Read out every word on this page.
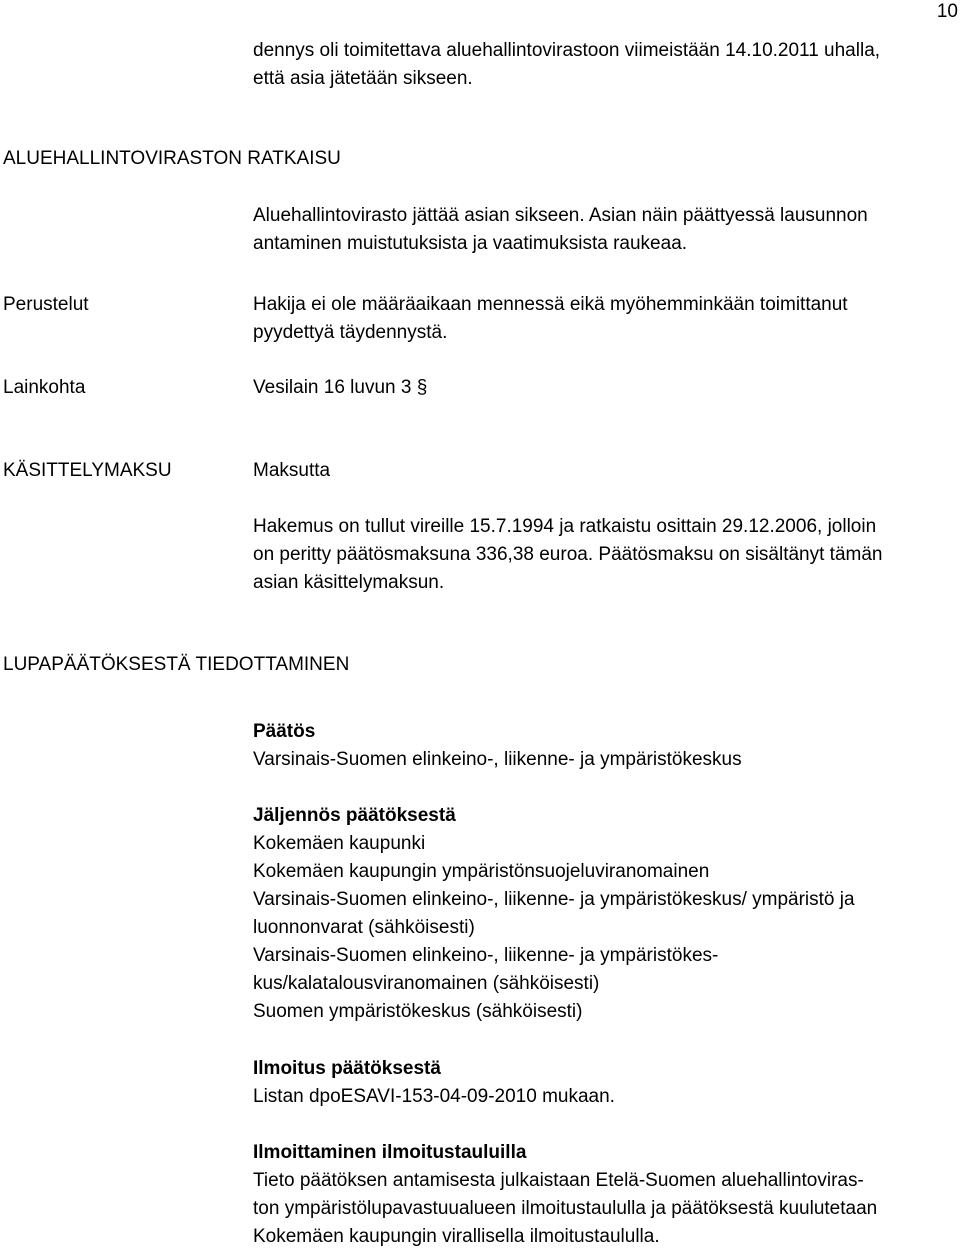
10
dennys oli toimitettava aluehallintovirastoon viimeistään 14.10.2011 uhalla,
että asia jätetään sikseen.
ALUEHALLINTOVIRASTON RATKAISU
Aluehallintovirasto jättää asian sikseen. Asian näin päättyessä lausunnon
antaminen muistutuksista ja vaatimuksista raukeaa.
Perustelut	Hakija ei ole määräaikaan mennessä eikä myöhemminkään toimittanut
pyydettyä täydennystä.
Lainkohta	Vesilain 16 luvun 3 §
KÄSITTELYMAKSU	Maksutta
Hakemus on tullut vireille 15.7.1994 ja ratkaistu osittain 29.12.2006, jolloin
on peritty päätösmaksuna 336,38 euroa. Päätösmaksu on sisältänyt tämän
asian käsittelymaksun.
LUPAPÄÄTÖKSESTÄ TIEDOTTAMINEN
Päätös
Varsinais-Suomen elinkeino-, liikenne- ja ympäristökeskus
Jäljennös päätöksestä
Kokemäen kaupunki
Kokemäen kaupungin ympäristönsuojeluviranomainen
Varsinais-Suomen elinkeino-, liikenne- ja ympäristökeskus/ ympäristö ja
luonnonvarat (sähköisesti)
Varsinais-Suomen elinkeino-, liikenne- ja ympäristökes-
kus/kalatalousviranomainen (sähköisesti)
Suomen ympäristökeskus (sähköisesti)
Ilmoitus päätöksestä
Listan dpoESAVI-153-04-09-2010 mukaan.
Ilmoittaminen ilmoitustauluilla
Tieto päätöksen antamisesta julkaistaan Etelä-Suomen aluehallintoviras-
ton ympäristölupavastuualueen ilmoitustaululla ja päätöksestä kuulutetaan
Kokemäen kaupungin virallisella ilmoitustaululla.
